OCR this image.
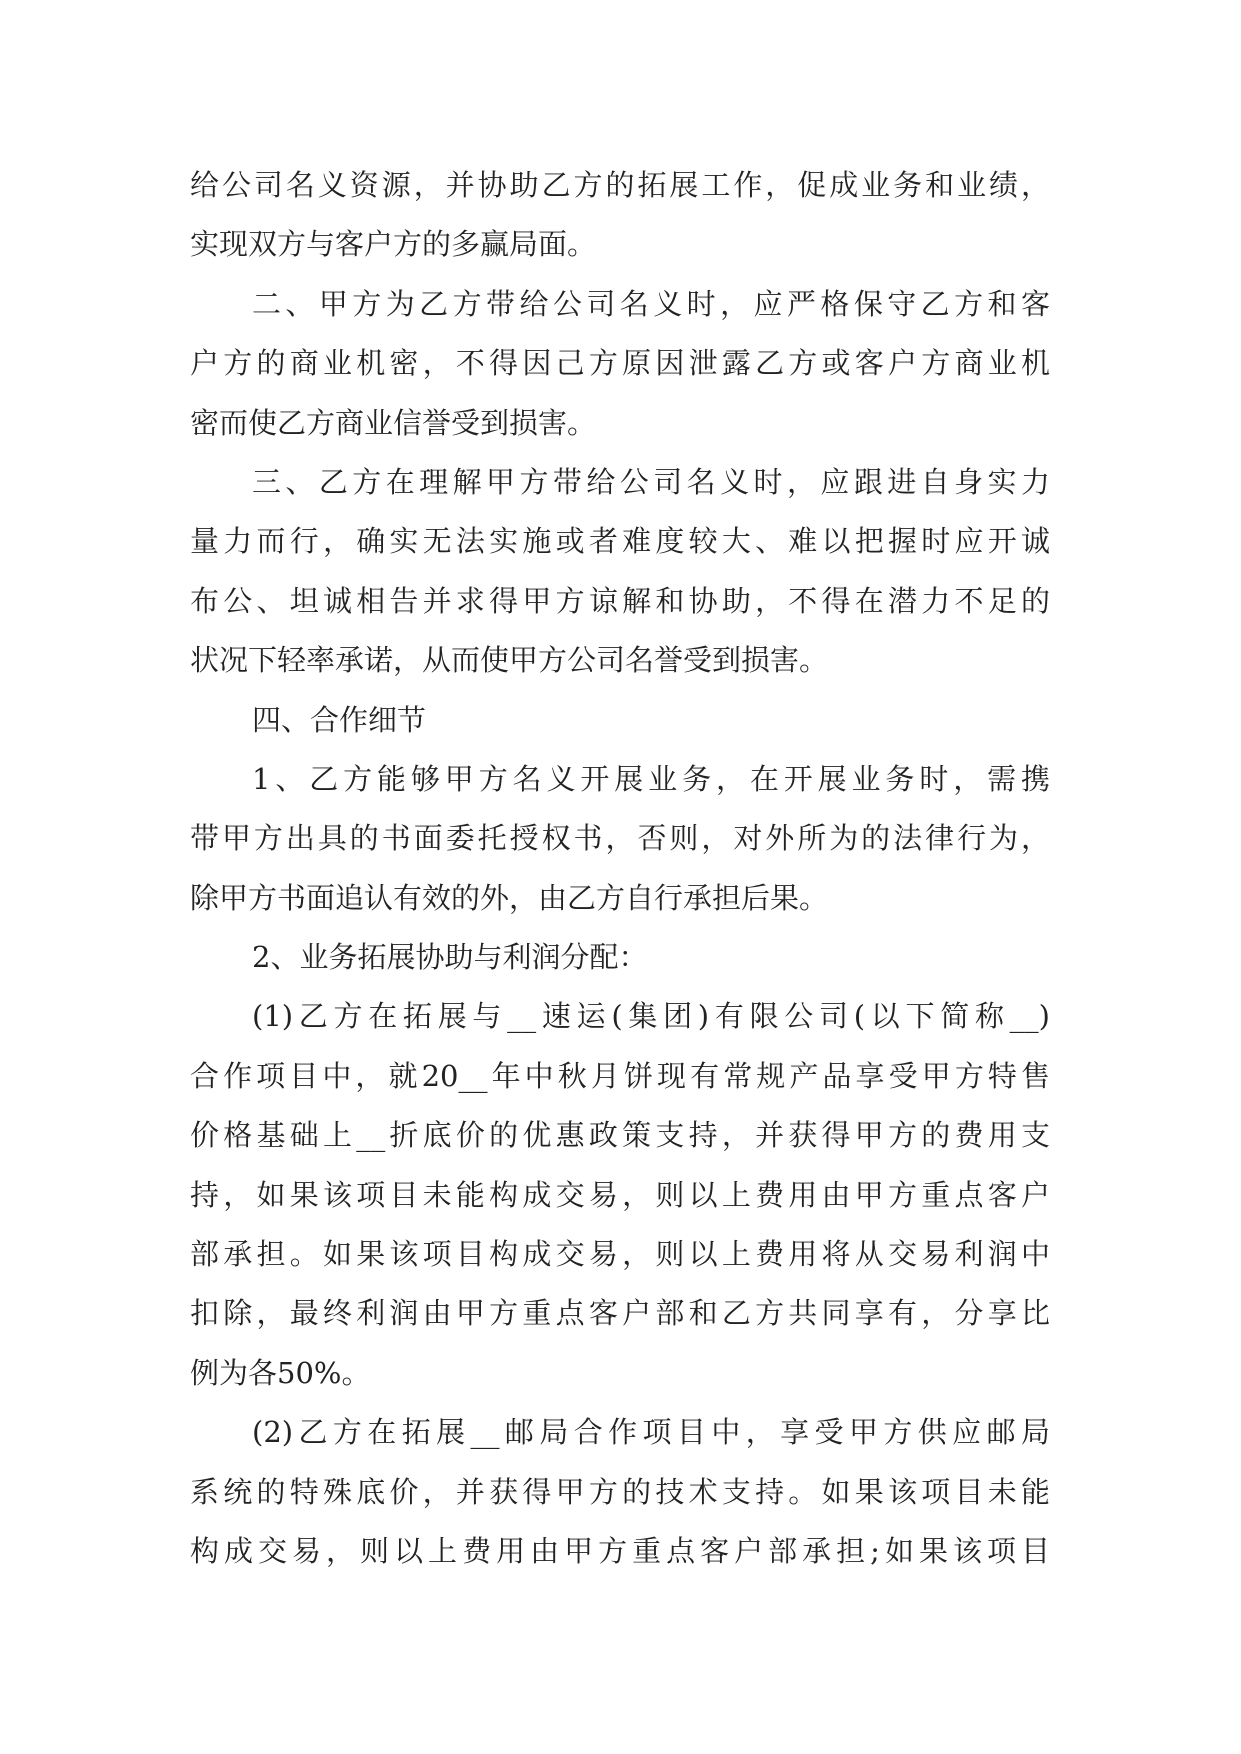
给公司名义资源，并协助乙方的拓展工作，促成业务和业绩，
实现双方与客户方的多赢局面。
二、甲方为乙方带给公司名义时，应严格保守乙方和客
户方的商业机密，不得因己方原因泄露乙方或客户方商业机
密而使乙方商业信誉受到损害。
三、乙方在理解甲方带给公司名义时，应跟进自身实力
量力而行，确实无法实施或者难度较大、难以把握时应开诚
布公、坦诚相告并求得甲方谅解和协助，不得在潜力不足的
状况下轻率承诺，从而使甲方公司名誉受到损害。
四、合作细节
1、乙方能够甲方名义开展业务，在开展业务时，需携
带甲方出具的书面委托授权书，否则，对外所为的法律行为，
除甲方书面追认有效的外，由乙方自行承担后果。
2、业务拓展协助与利润分配：
(1)乙方在拓展与__速运(集团)有限公司(以下简称__)
合作项目中，就20__年中秋月饼现有常规产品享受甲方特售
价格基础上__折底价的优惠政策支持，并获得甲方的费用支
持，如果该项目未能构成交易，则以上费用由甲方重点客户
部承担。如果该项目构成交易，则以上费用将从交易利润中
扣除，最终利润由甲方重点客户部和乙方共同享有，分享比
例为各50%。
(2)乙方在拓展__邮局合作项目中，享受甲方供应邮局
系统的特殊底价，并获得甲方的技术支持。如果该项目未能
构成交易，则以上费用由甲方重点客户部承担;如果该项目
